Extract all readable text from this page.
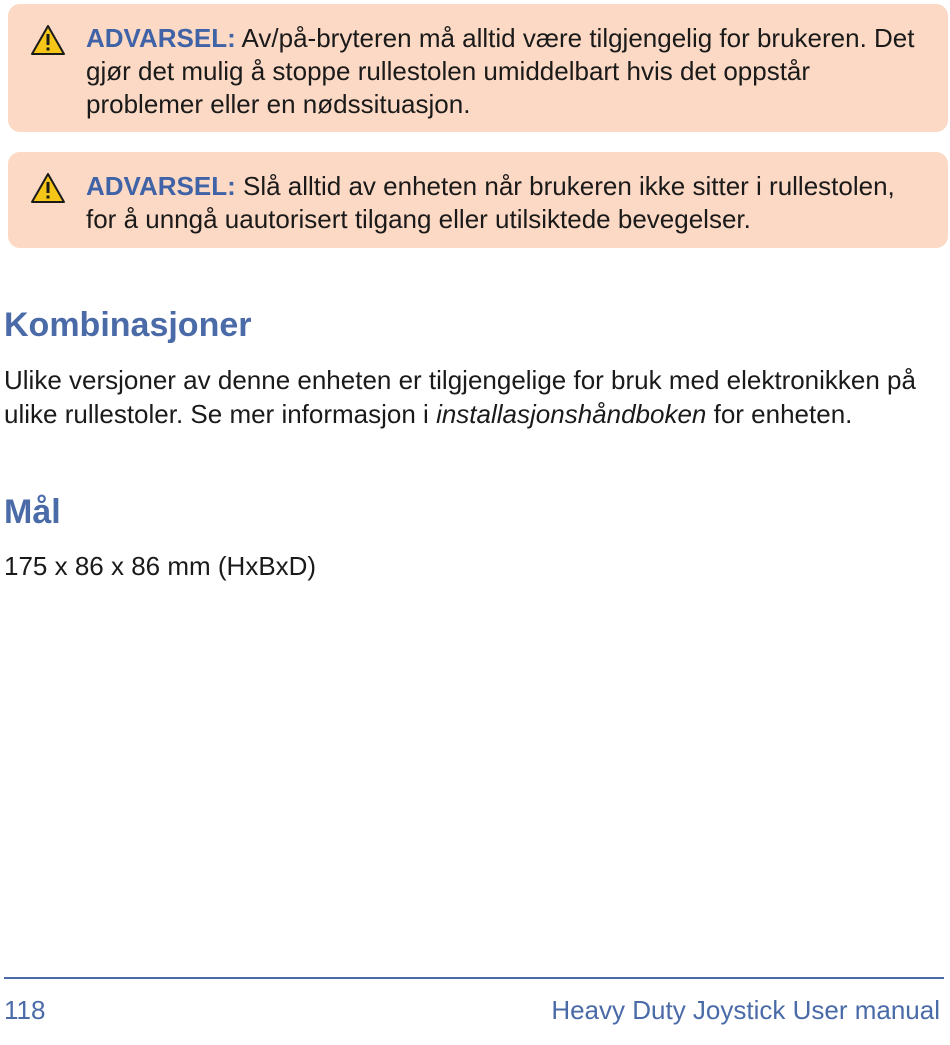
ADVARSEL: Av/på-bryteren må alltid være tilgjengelig for brukeren. Det gjør det mulig å stoppe rullestolen umiddelbart hvis det oppstår problemer eller en nødssituasjon.
ADVARSEL: Slå alltid av enheten når brukeren ikke sitter i rullestolen, for å unngå uautorisert tilgang eller utilsiktede bevegelser.
Kombinasjoner

Ulike versjoner av denne enheten er tilgjengelige for bruk med elektronikken på ulike rullestoler. Se mer informasjon i installasjonshåndboken for enheten.

Mål

175 x 86 x 86 mm (HxBxD)

118	Heavy Duty Joystick User manual
